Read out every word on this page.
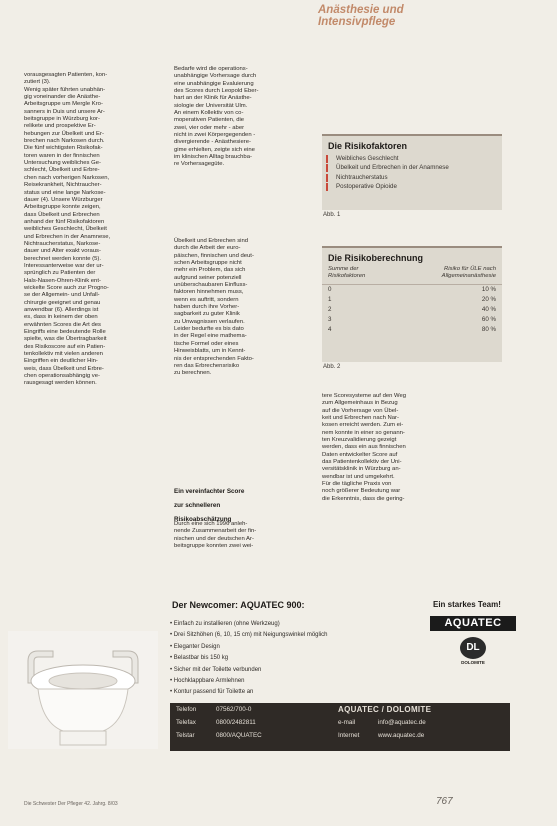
Anästhesie und
Intensivpflege

vorausgesagten Patienten, kon-

zutiert (3).

Wenig später führten unabhän-

gig voneinander die Anästhe-

Arbeitsgruppe um Mergle Kro-

sanners in Duis und unsere Ar-

beitsgruppe in Würzburg kor-

relikete und prospektive Er-

hebungen zur Übelkeit und Er-

brechen nach Narkosen durch.

Die fünf wichtigsten Risikofak-

toren waren in der finnischen

Untersuchung weibliches Ge-

schlecht, Übelkeit und Erbre-

chen nach vorherigen Narkosen,

Reisekrankheit, Nichtraucher-

status und eine lange Narkose-

dauer (4). Unsere Würzburger

Arbeitsgruppe konnte zeigen,

dass Übelkeit und Erbrechen

anhand der fünf Risikofaktoren

weibliches Geschlecht, Übelkeit

und Erbrechen in der Anamnese,

Nichtraucherstatus, Narkose-

dauer und Alter exakt voraus-

berechnet werden konnte (5).

Interessanterweise war der ur-

sprünglich zu Patienten der

Hals-Nasen-Ohren-Klinik ent-

wickelte Score auch zur Progno-

se der Allgemein- und Unfall-

chirurgie geeignet und genau

anwendbar (6). Allerdings ist

es, dass in keinem der oben

erwähnten Scores die Art des

Eingriffs eine bedeutende Rolle

spielte, was die Übertragbarkeit

des Risikoscore auf ein Patien-

tenkollektiv mit vielen anderen

Eingriffen ein deutlicher Hin-

weis, dass Übelkeit und Erbre-

chen operationsabhängig ve-

rausgesagt werden können.

Bedarfe wird die operations-

unabhängige Vorhersage durch

eine unabhängige Evaluierung

des Scores durch Leopold Eber-

hart an der Klinik für Anästhe-

siologie der Universität Ulm.

An einem Kollektiv von co-

moperativen Patienten, die

zwei, vier oder mehr - aber

nicht in zwei Körpergegenden -

divergierende - Anästhesiere-

gime erhielten, zeigte sich eine

im klinischen Alltag brauchba-

re Vorhersagegüte.

Übelkeit und Erbrechen sind

durch die Arbeit der euro-

päischen, finnischen und deut-

schen Arbeitsgruppe nicht

mehr ein Problem, das sich

aufgrund seiner potenziell

unüberschaubaren Einfluss-

faktoren hinnehmen muss,

wenn es auftritt, sondern

haben durch ihre Vorher-

sagbarkeit zu guter Klinik

zu Unwagnissen verlaufen.

Leider bedurfte es bis dato

in der Regel eine mathema-

tische Formel oder eines

Hinweisblatts, um in Kennt-

nis der entsprechenden Fakto-

ren das Erbrechensrisiko

zu berechnen.

Ein vereinfachter Score

zur schnelleren

Risikoabschätzung

Durch eine sich 1996 anleh-

nende Zusammenarbeit der fin-

nischen und der deutschen Ar-

beitsgruppe konnten zwei wei-

tere Scoresysteme auf den Weg

zum Allgemeinhaus in Bezug

auf die Vorhersage von Übel-

keit und Erbrechen nach Nar-

kosen erreicht werden. Zum ei-

nem konnte in einer so genann-

ten Kreuzvalidierung gezeigt

werden, dass ein aus finnischen

Daten entwickelter Score auf

das Patientenkollektiv der Uni-

versitätsklinik in Würzburg an-

wendbar ist und umgekehrt.

Für die tägliche Praxis von

noch größerer Bedeutung war

die Erkenntnis, dass die gering-

Die Risikofaktoren
Weibliches Geschlecht
Übelkeit und Erbrechen in der Anamnese
Nichtraucherstatus
Postoperative Opioide
Abb. 1
Die Risikoberechnung
Summe der
Risikofaktoren
Risiko für ÜLE nach
Allgemeinanästhesie
0	10 %
1	20 %
2	40 %
3	60 %
4	80 %
Abb. 2
Der Newcomer: AQUATEC 900:	Ein starkes Team!
AQUATEC
DL
DOLOMITE
• Einfach zu installieren (ohne Werkzeug)
• Drei Sitzhöhen (6, 10, 15 cm) mit Neigungswinkel möglich
• Eleganter Design
• Belastbar bis 150 kg
• Sicher mit der Toilette verbunden
• Hochklappbare Armlehnen
• Kontur passend für Toilette an
Telefon	07562/700-0
Telefax	0800/2482811
Telstar	0800/AQUATEC
AQUATEC / DOLOMITE
e-mail	info@aquatec.de
Internet	www.aquatec.de
Die Schwester Der Pfleger 42. Jahrg. 8/03	767
